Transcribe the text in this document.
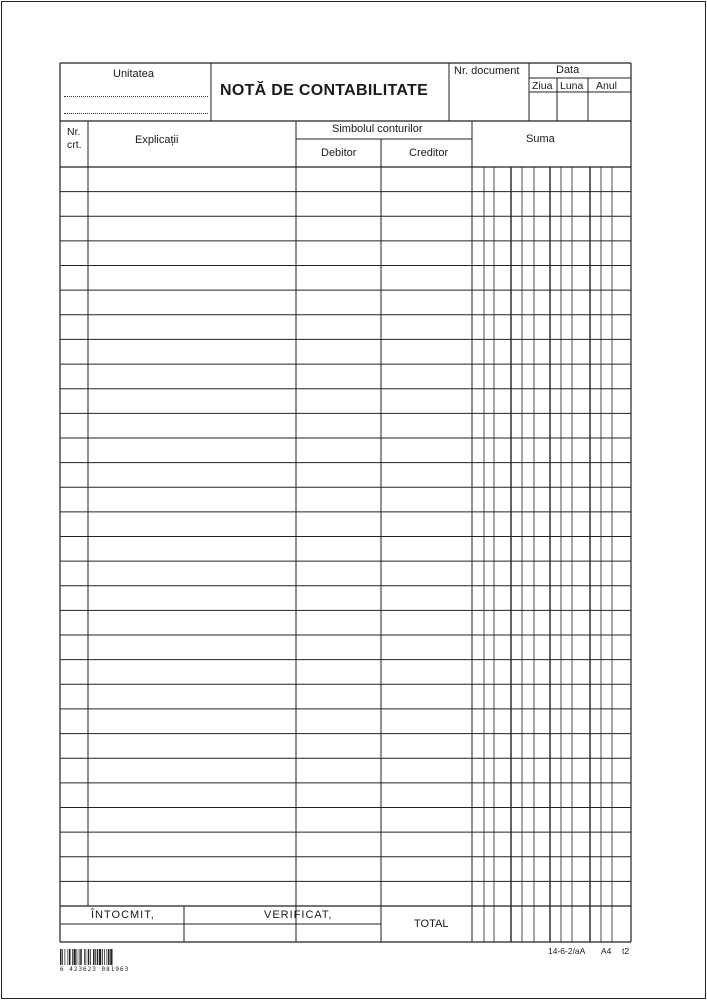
Unitatea
NOTĂ DE CONTABILITATE
Nr. document	Data
Ziua Luna Anul
Nr.
crt.	Explicații
Simbolul conturilor
Debitor	Creditor
Suma
ÎNTOCMIT,	VERIFICAT,
TOTAL
14-6-2/aA A4 t2
6 423623 081963
